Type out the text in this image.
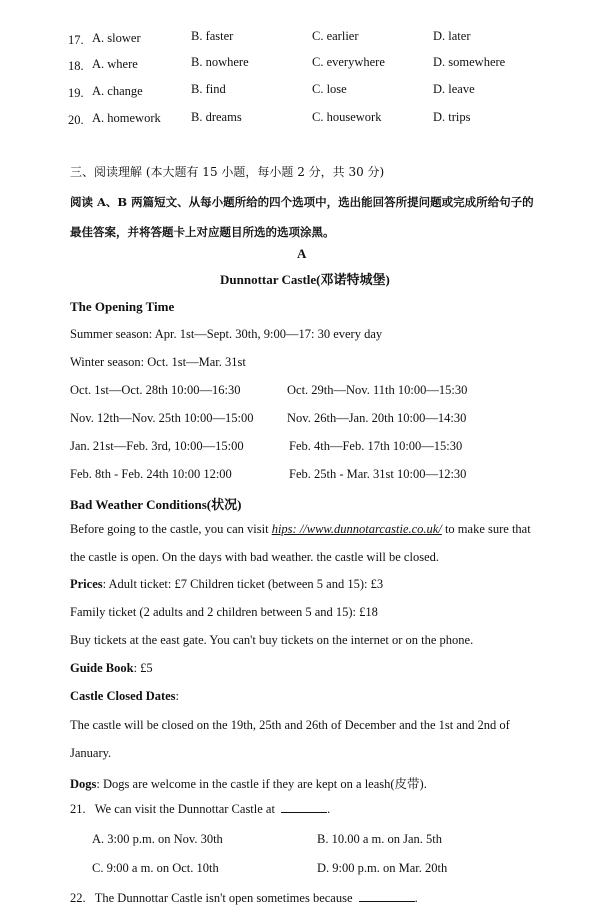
17. A. slower	B. faster	C. earlier	D. later
18. A. where	B. nowhere	C. everywhere	D. somewhere
19. A. change	B. find	C. lose	D. leave
20. A. homework B. dreams	C. housework	D. trips
三、阅读理解 (本大题有 15 小题，每小题 2 分，共 30 分)
阅读 A、B 两篇短文、从每小题所给的四个选项中，选出能回答所提问题或完成所给句子的
最佳答案，并将答题卡上对应题目所选的选项涂黑。
A
Dunnottar Castle(邓诺特城堡)
The Opening Time
Summer season: Apr. 1st—Sept. 30th, 9:00—17: 30 every day
Winter season: Oct. 1st—Mar. 31st
Oct. 1st—Oct. 28th 10:00—16:30	Oct. 29th—Nov. 11th 10:00—15:30
Nov. 12th—Nov. 25th 10:00—15:00	Nov. 26th—Jan. 20th 10:00—14:30
Jan. 21st—Feb. 3rd, 10:00—15:00	Feb. 4th—Feb. 17th 10:00—15:30
Feb. 8th - Feb. 24th 10:00 12:00	Feb. 25th - Mar. 31st 10:00—12:30
Bad Weather Conditions(状况)
Before going to the castle, you can visit hips: //www.dunnotarcastie.co.uk/ to make sure that
the castle is open. On the days with bad weather. the castle will be closed.
Prices: Adult ticket: £7 Children ticket (between 5 and 15): £3
Family ticket (2 adults and 2 children between 5 and 15): £18
Buy tickets at the east gate. You can't buy tickets on the internet or on the phone.
Guide Book: £5
Castle Closed Dates:
The castle will be closed on the 19th, 25th and 26th of December and the 1st and 2nd of
January.
Dogs: Dogs are welcome in the castle if they are kept on a leash(皮带).
21. We can visit the Dunnottar Castle at	.
A. 3:00 p.m. on Nov. 30th	B. 10.00 a m. on Jan. 5th
C. 9:00 a m. on Oct. 10th	D. 9:00 p.m. on Mar. 20th
22. The Dunnottar Castle isn't open sometimes because	.
